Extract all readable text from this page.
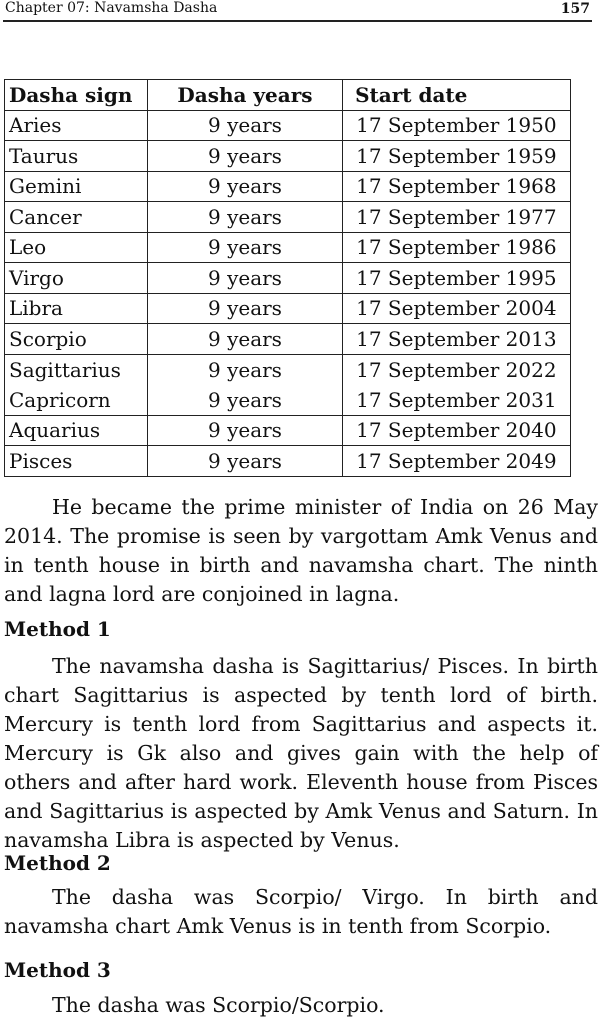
Chapter 07: Navamsha Dasha	157
Dasha sign	Dasha years	Start date
Aries	9 years	17 September 1950
Taurus	9 years	17 September 1959
Gemini	9 years	17 September 1968
Cancer	9 years	17 September 1977
Leo	9 years	17 September 1986
Virgo	9 years	17 September 1995
Libra	9 years	17 September 2004
Scorpio	9 years	17 September 2013
Sagittarius	9 years	17 September 2022
Capricorn	9 years	17 September 2031
Aquarius	9 years	17 September 2040
Pisces	9 years	17 September 2049

He became the prime minister of India on 26 May 2014. The promise is seen by vargottam Amk Venus and in tenth house in birth and navamsha chart. The ninth and lagna lord are conjoined in lagna.

Method 1

The navamsha dasha is Sagittarius/ Pisces. In birth chart Sagittarius is aspected by tenth lord of birth. Mercury is tenth lord from Sagittarius and aspects it. Mercury is Gk also and gives gain with the help of others and after hard work. Eleventh house from Pisces and Sagittarius is aspected by Amk Venus and Saturn. In navamsha Libra is aspected by Venus.

Method 2

The dasha was Scorpio/ Virgo. In birth and navamsha chart Amk Venus is in tenth from Scorpio.

Method 3

The dasha was Scorpio/Scorpio.
